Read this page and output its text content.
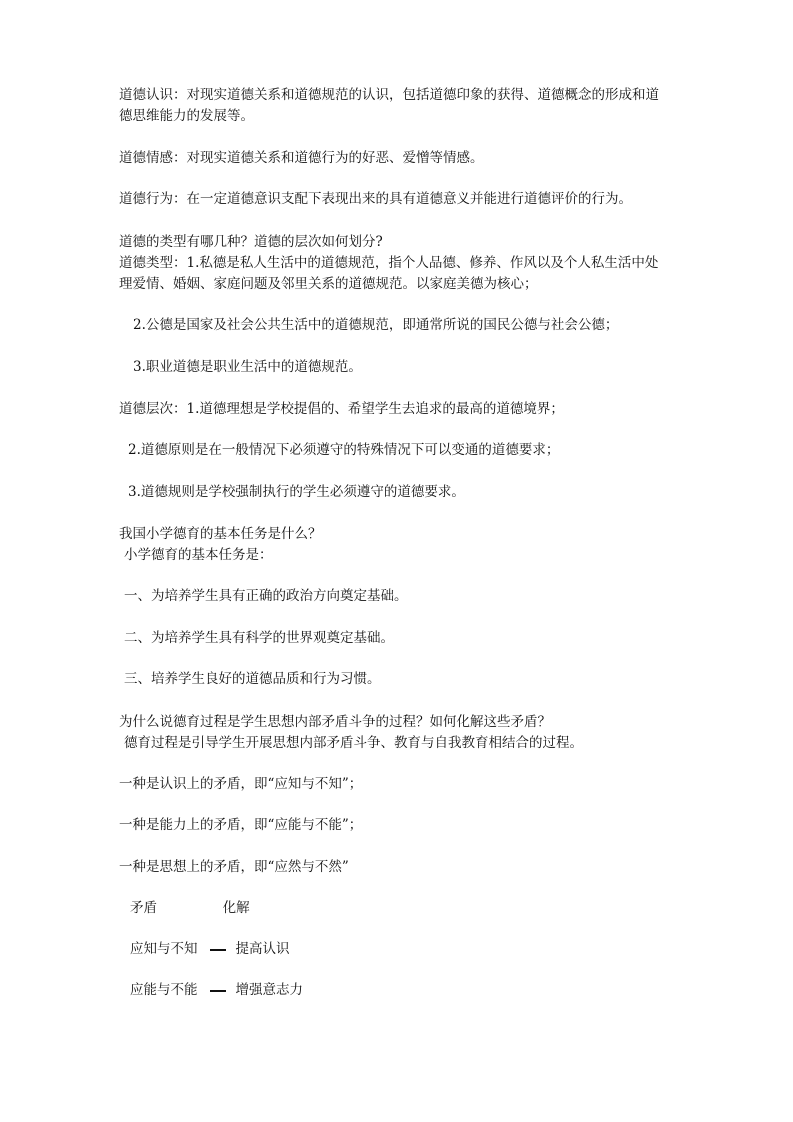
道德认识：对现实道德关系和道德规范的认识，包括道德印象的获得、道德概念的形成和道
德思维能力的发展等。
道德情感：对现实道德关系和道德行为的好恶、爱憎等情感。
道德行为：在一定道德意识支配下表现出来的具有道德意义并能进行道德评价的行为。
道德的类型有哪几种？道德的层次如何划分?
道德类型：1.私德是私人生活中的道德规范，指个人品德、修养、作风以及个人私生活中处
理爱情、婚姻、家庭问题及邻里关系的道德规范。以家庭美德为核心；
2.公德是国家及社会公共生活中的道德规范，即通常所说的国民公德与社会公德；
3.职业道德是职业生活中的道德规范。
道德层次：1.道德理想是学校提倡的、希望学生去追求的最高的道德境界；
2.道德原则是在一般情况下必须遵守的特殊情况下可以变通的道德要求；
3.道德规则是学校强制执行的学生必须遵守的道德要求。
我国小学德育的基本任务是什么？
小学德育的基本任务是：
一、为培养学生具有正确的政治方向奠定基础。
二、为培养学生具有科学的世界观奠定基础。
三、培养学生良好的道德品质和行为习惯。
为什么说德育过程是学生思想内部矛盾斗争的过程？如何化解这些矛盾？
德育过程是引导学生开展思想内部矛盾斗争、教育与自我教育相结合的过程。
一种是认识上的矛盾，即“应知与不知”；
一种是能力上的矛盾，即“应能与不能”；
一种是思想上的矛盾，即“应然与不然”
矛盾	化解
应知与不知	提高认识
应能与不能	增强意志力
